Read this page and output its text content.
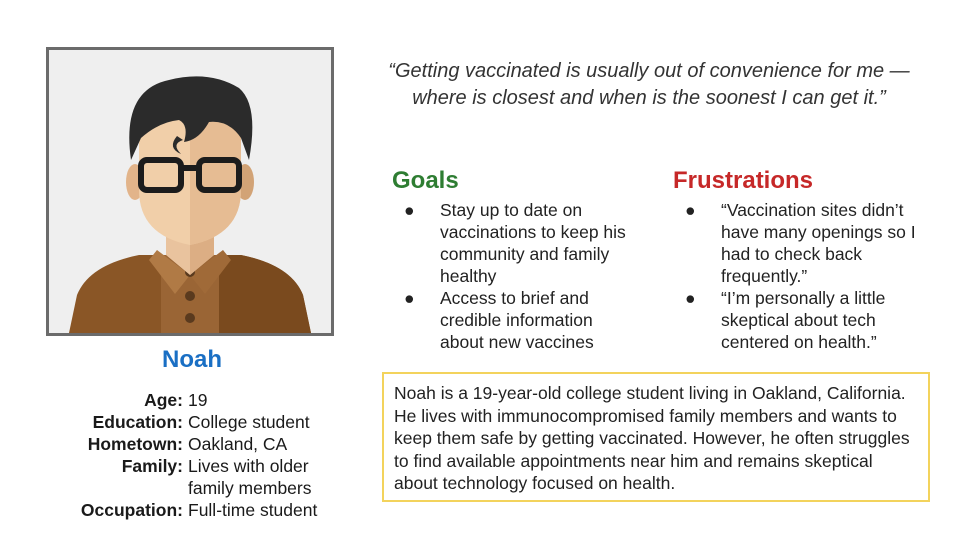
Noah
Age: 19
Education: College student
Hometown: Oakland, CA
Family: Lives with older family members
Occupation: Full-time student
“Getting vaccinated is usually out of convenience for me — where is closest and when is the soonest I can get it.”
Goals
● Stay up to date on vaccinations to keep his community and family healthy
● Access to brief and credible information about new vaccines
Frustrations
● “Vaccination sites didn’t have many openings so I had to check back frequently.”
● “I’m personally a little skeptical about tech centered on health.”
Noah is a 19-year-old college student living in Oakland, California. He lives with immunocompromised family members and wants to keep them safe by getting vaccinated. However, he often struggles to find available appointments near him and remains skeptical about technology focused on health.
